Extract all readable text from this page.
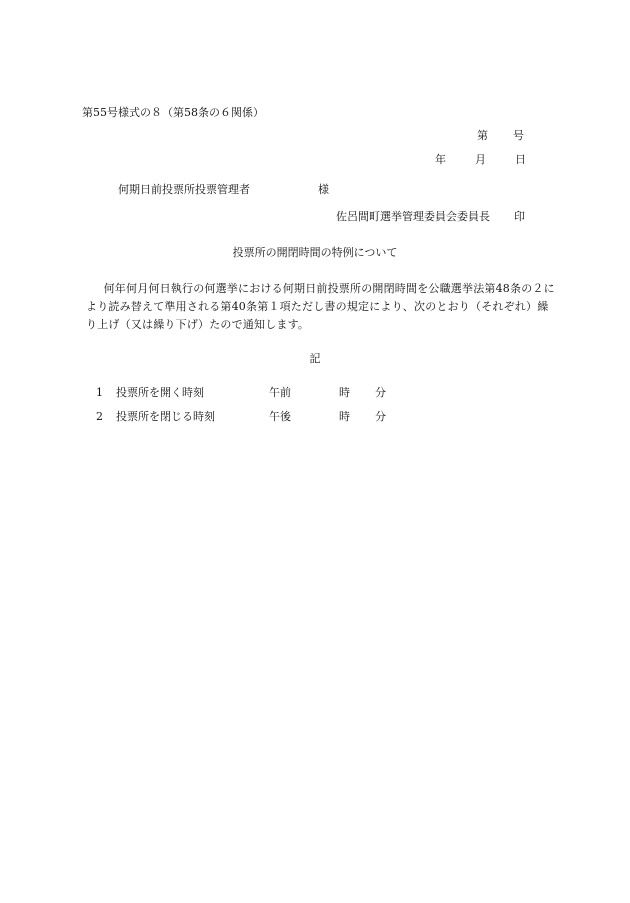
第55号様式の８（第58条の６関係）
第 号
年	月	日
何期日前投票所投票管理者	様
佐呂間町選挙管理委員会委員長 印
投票所の開閉時間の特例について
何年何月何日執行の何選挙における何期日前投票所の開閉時間を公職選挙法第48条の２により読み替えて準用される第40条第１項ただし書の規定により、次のとおり（それぞれ）繰り上げ（又は繰り下げ）たので通知します。
記
1	投票所を開く時刻	午前	時	分
2	投票所を閉じる時刻	午後	時	分
